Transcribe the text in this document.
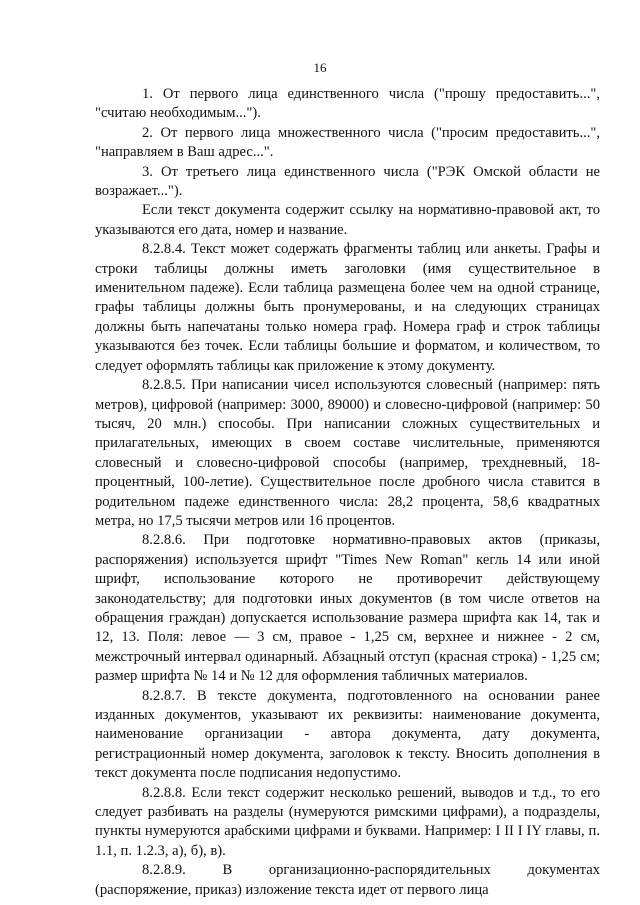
16

1. От первого лица единственного числа ("прошу предоставить...", "считаю необходимым...").

2. От первого лица множественного числа ("просим предоставить...", "направляем в Ваш адрес...".

3. От третьего лица единственного числа ("РЭК Омской области не возражает...").

Если текст документа содержит ссылку на нормативно-правовой акт, то указываются его дата, номер и название.

8.2.8.4. Текст может содержать фрагменты таблиц или анкеты. Графы и строки таблицы должны иметь заголовки (имя существительное в именительном падеже). Если таблица размещена более чем на одной странице, графы таблицы должны быть пронумерованы, и на следующих страницах должны быть напечатаны только номера граф. Номера граф и строк таблицы указываются без точек. Если таблицы большие и форматом, и количеством, то следует оформлять таблицы как приложение к этому документу.

8.2.8.5. При написании чисел используются словесный (например: пять метров), цифровой (например: 3000, 89000) и словесно-цифровой (например: 50 тысяч, 20 млн.) способы. При написании сложных существительных и прилагательных, имеющих в своем составе числительные, применяются словесный и словесно-цифровой способы (например, трехдневный, 18-процентный, 100-летие). Существительное после дробного числа ставится в родительном падеже единственного числа: 28,2 процента, 58,6 квадратных метра, но 17,5 тысячи метров или 16 процентов.

8.2.8.6. При подготовке нормативно-правовых актов (приказы, распоряжения) используется шрифт "Times New Roman" кегль 14 или иной шрифт, использование которого не противоречит действующему законодательству; для подготовки иных документов (в том числе ответов на обращения граждан) допускается использование размера шрифта как 14, так и 12, 13. Поля: левое — 3 см, правое - 1,25 см, верхнее и нижнее - 2 см, межстрочный интервал одинарный. Абзацный отступ (красная строка) - 1,25 см; размер шрифта № 14 и № 12 для оформления табличных материалов.

8.2.8.7. В тексте документа, подготовленного на основании ранее изданных документов, указывают их реквизиты: наименование документа, наименование организации - автора документа, дату документа, регистрационный номер документа, заголовок к тексту. Вносить дополнения в текст документа после подписания недопустимо.

8.2.8.8. Если текст содержит несколько решений, выводов и т.д., то его следует разбивать на разделы (нумеруются римскими цифрами), а подразделы, пункты нумеруются арабскими цифрами и буквами. Например: I II I IY главы, п. 1.1, п. 1.2.3, а), б), в).

8.2.8.9. В организационно-распорядительных документах (распоряжение, приказ) изложение текста идет от первого лица
